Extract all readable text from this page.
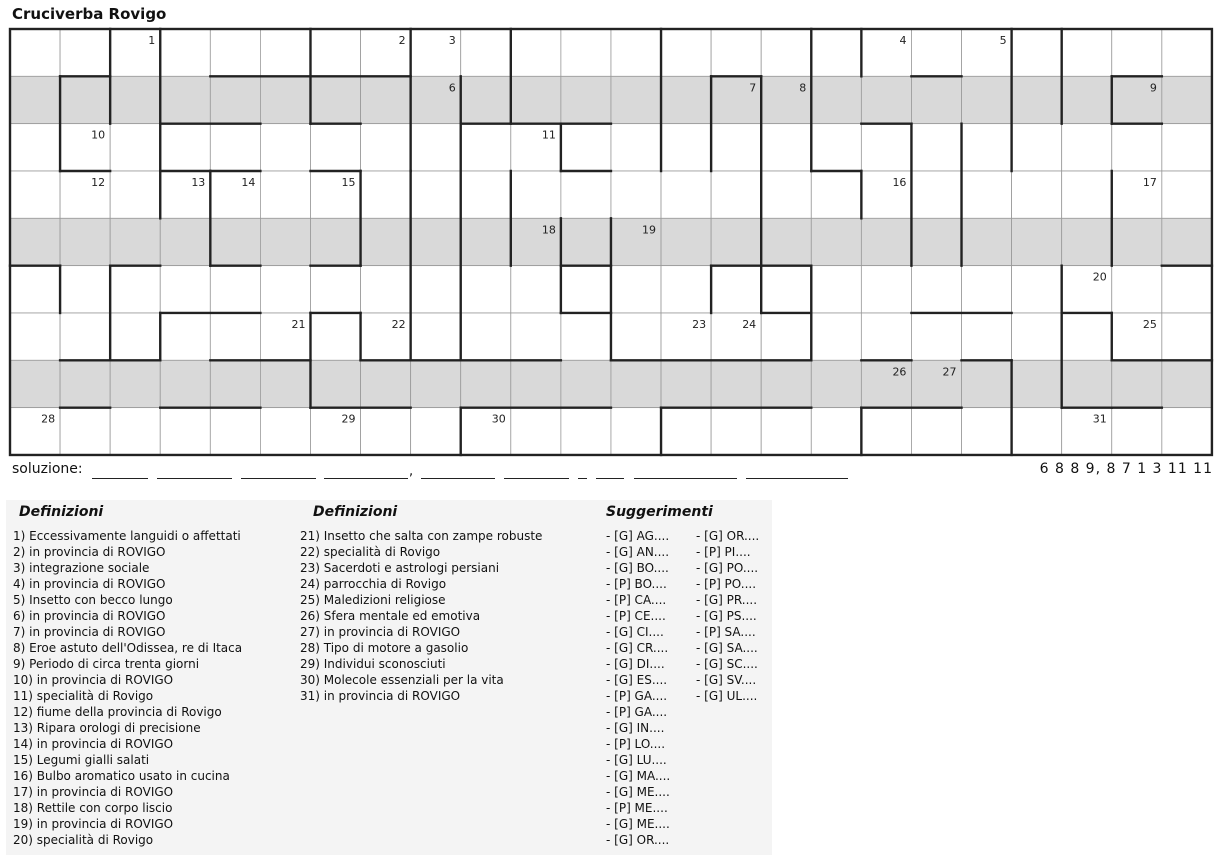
Cruciverba Rovigo
1	2	3	4	5
6	7	8	9
10	11
12	13	14	15	16	17
18	19
20
21	22	23	24	25
26	27
28	29	30	31
soluzione:	,	6 8 8 9, 8 7 1 3 11 11
Definizioni	Definizioni	Suggerimenti
1) Eccessivamente languidi o affettati
2) in provincia di ROVIGO
3) integrazione sociale
4) in provincia di ROVIGO
5) Insetto con becco lungo
6) in provincia di ROVIGO
7) in provincia di ROVIGO
8) Eroe astuto dell'Odissea, re di Itaca
9) Periodo di circa trenta giorni
10) in provincia di ROVIGO
11) specialità di Rovigo
12) fiume della provincia di Rovigo
13) Ripara orologi di precisione
14) in provincia di ROVIGO
15) Legumi gialli salati
16) Bulbo aromatico usato in cucina
17) in provincia di ROVIGO
18) Rettile con corpo liscio
19) in provincia di ROVIGO
20) specialità di Rovigo
21) Insetto che salta con zampe robuste
22) specialità di Rovigo
23) Sacerdoti e astrologi persiani
24) parrocchia di Rovigo
25) Maledizioni religiose
26) Sfera mentale ed emotiva
27) in provincia di ROVIGO
28) Tipo di motore a gasolio
29) Individui sconosciuti
30) Molecole essenziali per la vita
31) in provincia di ROVIGO
- [G] AG....
- [G] AN....
- [G] BO....
- [P] BO....
- [P] CA....
- [P] CE....
- [G] CI....
- [G] CR....
- [G] DI....
- [G] ES....
- [P] GA....
- [P] GA....
- [G] IN....
- [P] LO....
- [G] LU....
- [G] MA....
- [G] ME....
- [P] ME....
- [G] ME....
- [G] OR....
- [G] OR....
- [P] PI....
- [G] PO....
- [P] PO....
- [G] PR....
- [G] PS....
- [P] SA....
- [G] SA....
- [G] SC....
- [G] SV....
- [G] UL....
